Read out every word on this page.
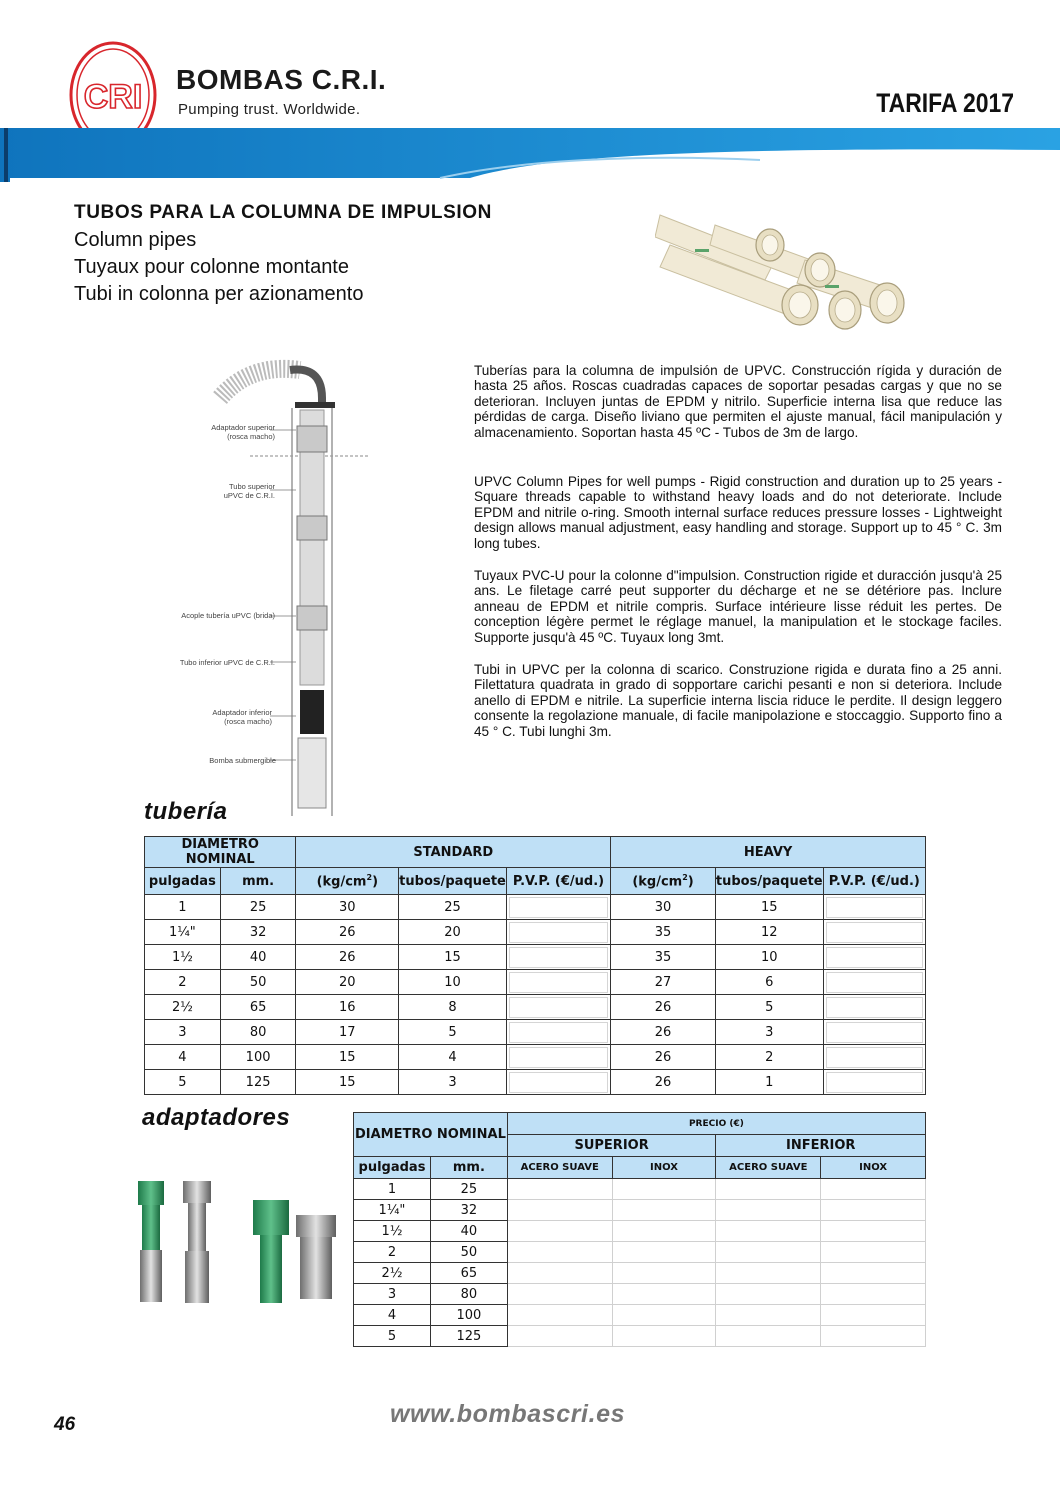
CRI BOMBAS C.R.I.
Pumping trust. Worldwide.	TARIFA 2017
TUBOS PARA LA COLUMNA DE IMPULSION
Column pipes
Tuyaux pour colonne montante
Tubi in colonna per azionamento
Adaptador superior
(rosca macho)
Tubo superior
uPVC de C.R.I.
Acople tubería uPVC (brida)
Tubo inferior uPVC de C.R.I.
Adaptador inferior
(rosca macho)
Bomba submergible

Tuberías para la columna de impulsión de UPVC. Construcción rígida y duración de hasta 25 años. Roscas cuadradas capaces de soportar pesadas cargas y que no se deterioran. Incluyen juntas de EPDM y nitrilo. Superficie interna lisa que reduce las pérdidas de carga. Diseño liviano que permiten el ajuste manual, fácil manipulación y almacenamiento. Soportan hasta 45 ºC - Tubos de 3m de largo.

UPVC Column Pipes for well pumps - Rigid construction and duration up to 25 years - Square threads capable to withstand heavy loads and do not deteriorate. Include EPDM and nitrile o-ring. Smooth internal surface reduces pressure losses - Lightweight design allows manual adjustment, easy handling and storage. Support up to 45 ° C. 3m long tubes.

Tuyaux PVC-U pour la colonne d"impulsion. Construction rigide et duracción jusqu'à 25 ans. Le filetage carré peut supporter du décharge et ne se détériore pas. Inclure anneau de EPDM et nitrile compris. Surface intérieure lisse réduit les pertes. De conception légère permet le réglage manuel, la manipulation et le stockage faciles. Supporte jusqu'à 45 ºC. Tuyaux long 3mt.

Tubi in UPVC per la colonna di scarico. Construzione rigida e durata fino a 25 anni. Filettatura quadrata in grado di sopportare carichi pesanti e non si deteriora. Include anello di EPDM e nitrile. La superficie interna liscia riduce le perdite. Il design leggero consente la regolazione manuale, di facile manipolazione e stoccaggio. Supporto fino a 45 ° C. Tubi lunghi 3m.

tubería
DIAMETRO NOMINAL		STANDARD			HEAVY		
pulgadas	mm.	$(kg/cm^2)$	tubos/paquete	P.V.P. (€/ud.)	$(kg/cm^2)$	tubos/paquete	P.V.P. (€/ud.)
1	25	30	25		30	15	

1¼"	32	26	20		35	12	

1½	40	26	15		35	10	

2	50	20	10		27	6	

2½	65	16	8		26	5	

3	80	17	5		26	3	

4	100	15	4		26	2	

5	125	15	3		26	1	
adaptadores
DIAMETRO NOMINAL		PRECIO (€)			
		SUPERIOR		INFERIOR	
pulgadas	mm.	ACERO SUAVE	INOX	ACERO SUAVE	INOX
1	25				
1¼"	32				
1½	40				
2	50				
2½	65				
3	80				
4	100				
5	125				
46	www.bombascri.es
